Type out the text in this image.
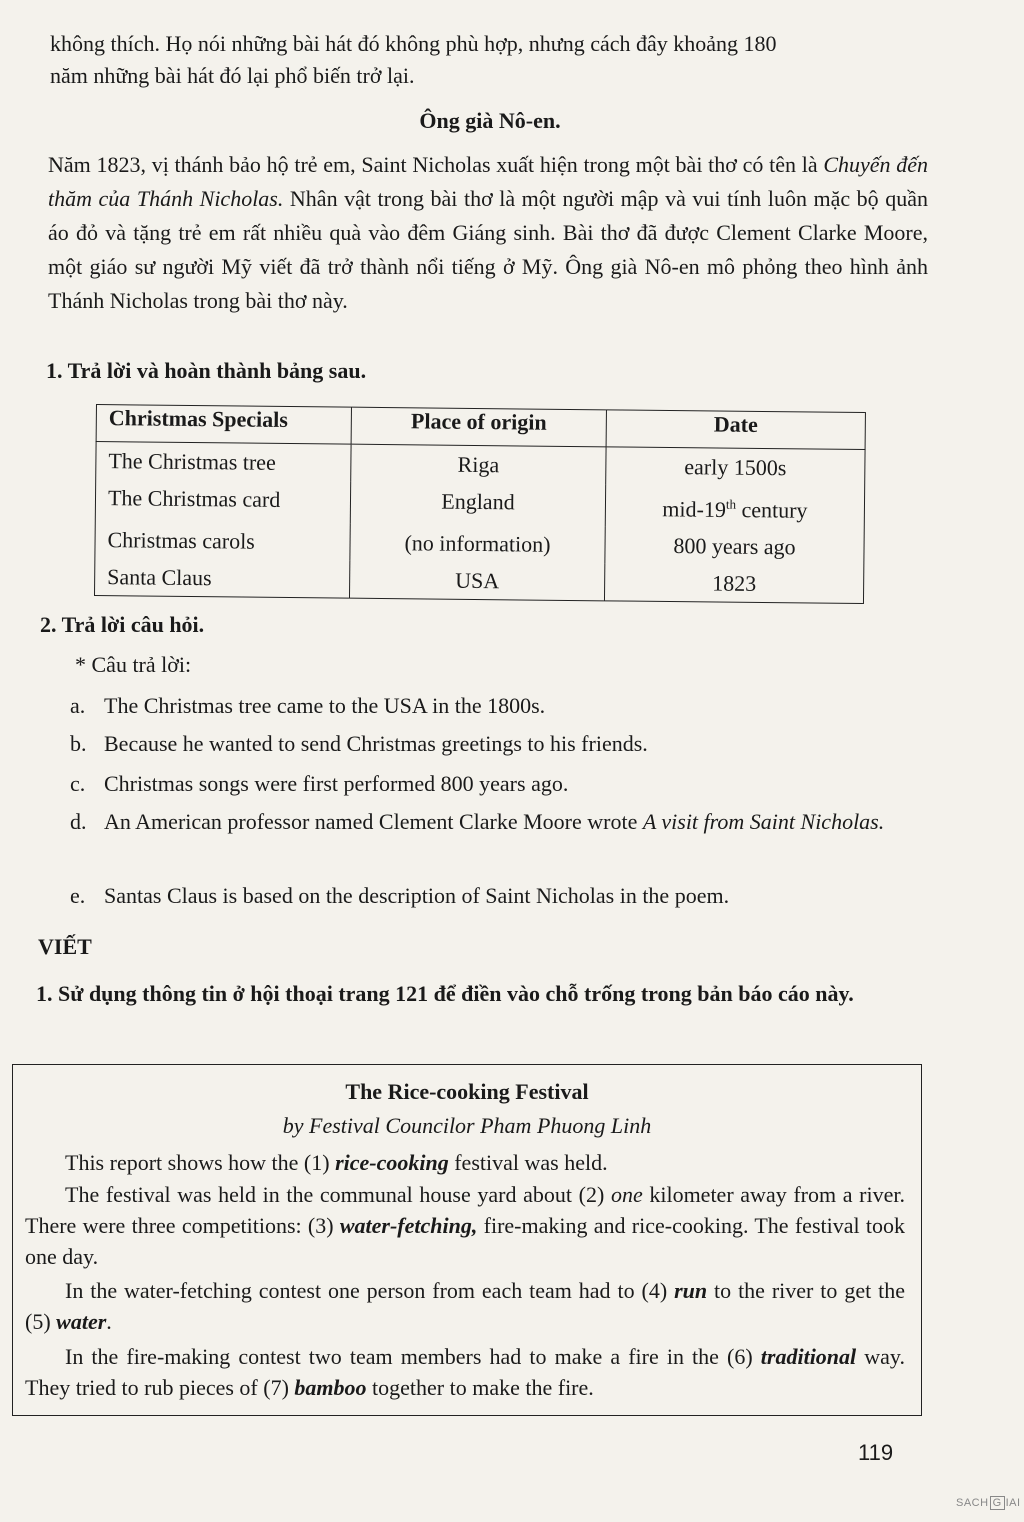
không thích. Họ nói những bài hát đó không phù hợp, nhưng cách đây khoảng 180
năm những bài hát đó lại phổ biến trở lại.
Ông già Nô-en.
Năm 1823, vị thánh bảo hộ trẻ em, Saint Nicholas xuất hiện trong một bài thơ có tên là Chuyến đến thăm của Thánh Nicholas. Nhân vật trong bài thơ là một người mập và vui tính luôn mặc bộ quần áo đỏ và tặng trẻ em rất nhiều quà vào đêm Giáng sinh. Bài thơ đã được Clement Clarke Moore, một giáo sư người Mỹ viết đã trở thành nổi tiếng ở Mỹ. Ông già Nô-en mô phỏng theo hình ảnh Thánh Nicholas trong bài thơ này.
1. Trả lời và hoàn thành bảng sau.
Christmas Specials	Place of origin	Date
The Christmas tree	Riga	early 1500s
The Christmas card	England	mid-19th century
Christmas carols	(no information)	800 years ago
Santa Claus	USA	1823
2. Trả lời câu hỏi.
* Câu trả lời:
a. The Christmas tree came to the USA in the 1800s.
b. Because he wanted to send Christmas greetings to his friends.
c. Christmas songs were first performed 800 years ago.
d. An American professor named Clement Clarke Moore wrote A visit from Saint Nicholas.
e. Santas Claus is based on the description of Saint Nicholas in the poem.
VIẾT
1. Sử dụng thông tin ở hội thoại trang 121 để điền vào chỗ trống trong bản báo cáo này.
The Rice-cooking Festival
by Festival Councilor Pham Phuong Linh
This report shows how the (1) rice-cooking festival was held.
The festival was held in the communal house yard about (2) one kilometer away from a river. There were three competitions: (3) water-fetching, fire-making and rice-cooking. The festival took one day.
In the water-fetching contest one person from each team had to (4) run to the river to get the (5) water.
In the fire-making contest two team members had to make a fire in the (6) traditional way. They tried to rub pieces of (7) bamboo together to make the fire.
119
SACH G IAI
